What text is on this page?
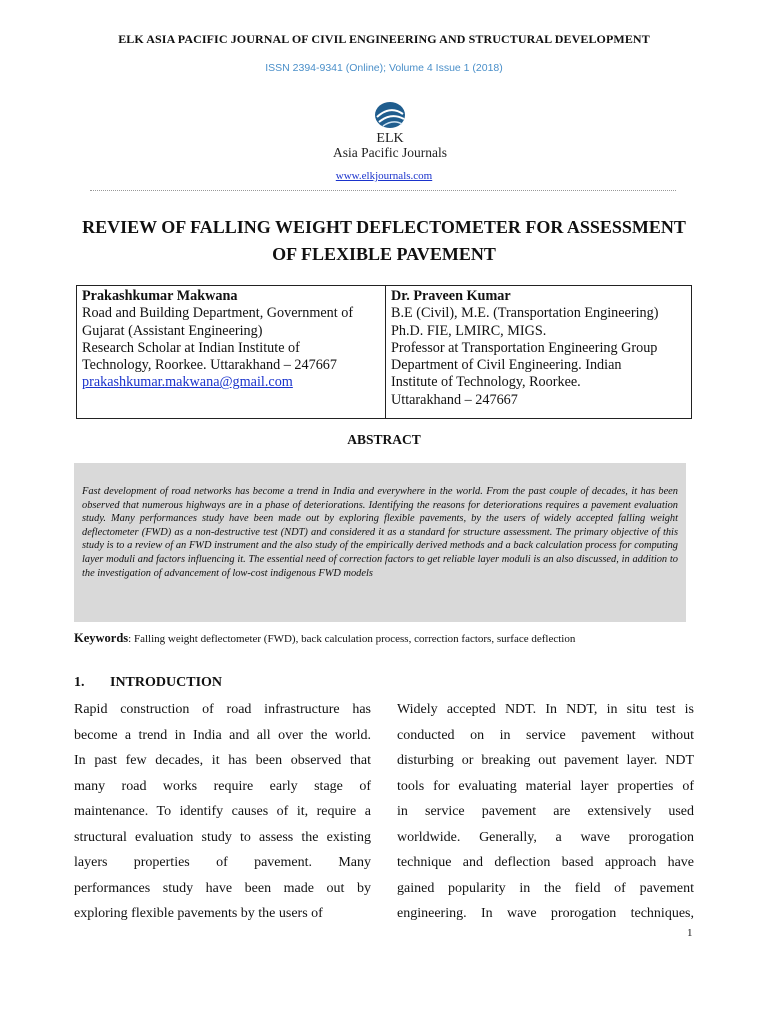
ELK ASIA PACIFIC JOURNAL OF CIVIL ENGINEERING AND STRUCTURAL DEVELOPMENT
ISSN 2394-9341 (Online); Volume 4 Issue 1 (2018)
ELK
Asia Pacific Journals
www.elkjournals.com
REVIEW OF FALLING WEIGHT DEFLECTOMETER FOR ASSESSMENT
OF FLEXIBLE PAVEMENT
Prakashkumar Makwana
Road and Building Department, Government of
Gujarat (Assistant Engineering)
Research Scholar at Indian Institute of
Technology, Roorkee. Uttarakhand – 247667
prakashkumar.makwana@gmail.com
Dr. Praveen Kumar
B.E (Civil), M.E. (Transportation Engineering)
Ph.D. FIE, LMIRC, MIGS.
Professor at Transportation Engineering Group
Department of Civil Engineering. Indian
Institute of Technology, Roorkee.
Uttarakhand – 247667
ABSTRACT

Fast development of road networks has become a trend in India and everywhere in the world. From the past couple of decades, it has been observed that numerous highways are in a phase of deteriorations. Identifying the reasons for deteriorations requires a pavement evaluation study. Many performances study have been made out by exploring flexible pavements, by the users of widely accepted falling weight deflectometer (FWD) as a non-destructive test (NDT) and considered it as a standard for structure assessment. The primary objective of this study is to a review of an FWD instrument and the also study of the empirically derived methods and a back calculation process for computing layer moduli and factors influencing it. The essential need of correction factors to get reliable layer moduli is an also discussed, in addition to the investigation of advancement of low-cost indigenous FWD models

Keywords: Falling weight deflectometer (FWD), back calculation process, correction factors, surface deflection
1. INTRODUCTION
Rapid construction of road infrastructure has
become a trend in India and all over the world.
In past few decades, it has been observed that
many road works require early stage of
maintenance. To identify causes of it, require a
structural evaluation study to assess the existing
layers properties of pavement. Many
performances study have been made out by
exploring flexible pavements by the users of
Widely accepted NDT. In NDT, in situ test is
conducted on in service pavement without
disturbing or breaking out pavement layer. NDT
tools for evaluating material layer properties of
in service pavement are extensively used
worldwide. Generally, a wave prorogation
technique and deflection based approach have
gained popularity in the field of pavement
engineering. In wave prorogation techniques,
1
